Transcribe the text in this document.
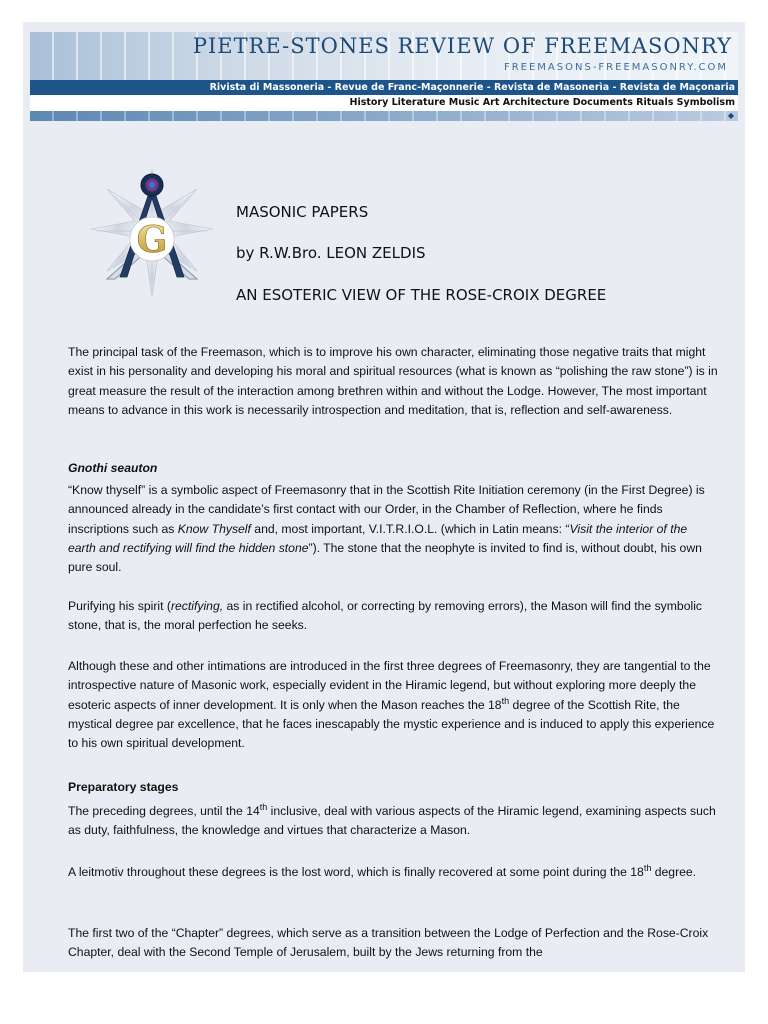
PIETRE-STONES REVIEW OF FREEMASONRY
FREEMASONS-FREEMASONRY.COM
Rivista di Massoneria - Revue de Franc-Maçonnerie - Revista de Masonerìa - Revista de Maçonaria
History Literature Music Art Architecture Documents Rituals Symbolism
◆
G
MASONIC PAPERS
by R.W.Bro. LEON ZELDIS
AN ESOTERIC VIEW OF THE ROSE-CROIX DEGREE

The principal task of the Freemason, which is to improve his own character, eliminating those negative traits that might exist in his personality and developing his moral and spiritual resources (what is known as “polishing the raw stone”) is in great measure the result of the interaction among brethren within and without the Lodge. However, The most important means to advance in this work is necessarily introspection and meditation, that is, reflection and self-awareness.

Gnothi seauton

“Know thyself” is a symbolic aspect of Freemasonry that in the Scottish Rite Initiation ceremony (in the First Degree) is announced already in the candidate’s first contact with our Order, in the Chamber of Reflection, where he finds inscriptions such as Know Thyself and, most important, V.I.T.R.I.O.L. (which in Latin means: “Visit the interior of the earth and rectifying will find the hidden stone”). The stone that the neophyte is invited to find is, without doubt, his own pure soul.

Purifying his spirit (rectifying, as in rectified alcohol, or correcting by removing errors), the Mason will find the symbolic stone, that is, the moral perfection he seeks.

Although these and other intimations are introduced in the first three degrees of Freemasonry, they are tangential to the introspective nature of Masonic work, especially evident in the Hiramic legend, but without exploring more deeply the esoteric aspects of inner development. It is only when the Mason reaches the 18th degree of the Scottish Rite, the mystical degree par excellence, that he faces inescapably the mystic experience and is induced to apply this experience to his own spiritual development.

Preparatory stages

The preceding degrees, until the 14th inclusive, deal with various aspects of the Hiramic legend, examining aspects such as duty, faithfulness, the knowledge and virtues that characterize a Mason.

A leitmotiv throughout these degrees is the lost word, which is finally recovered at some point during the 18th degree.

The first two of the “Chapter” degrees, which serve as a transition between the Lodge of Perfection and the Rose-Croix Chapter, deal with the Second Temple of Jerusalem, built by the Jews returning from the
